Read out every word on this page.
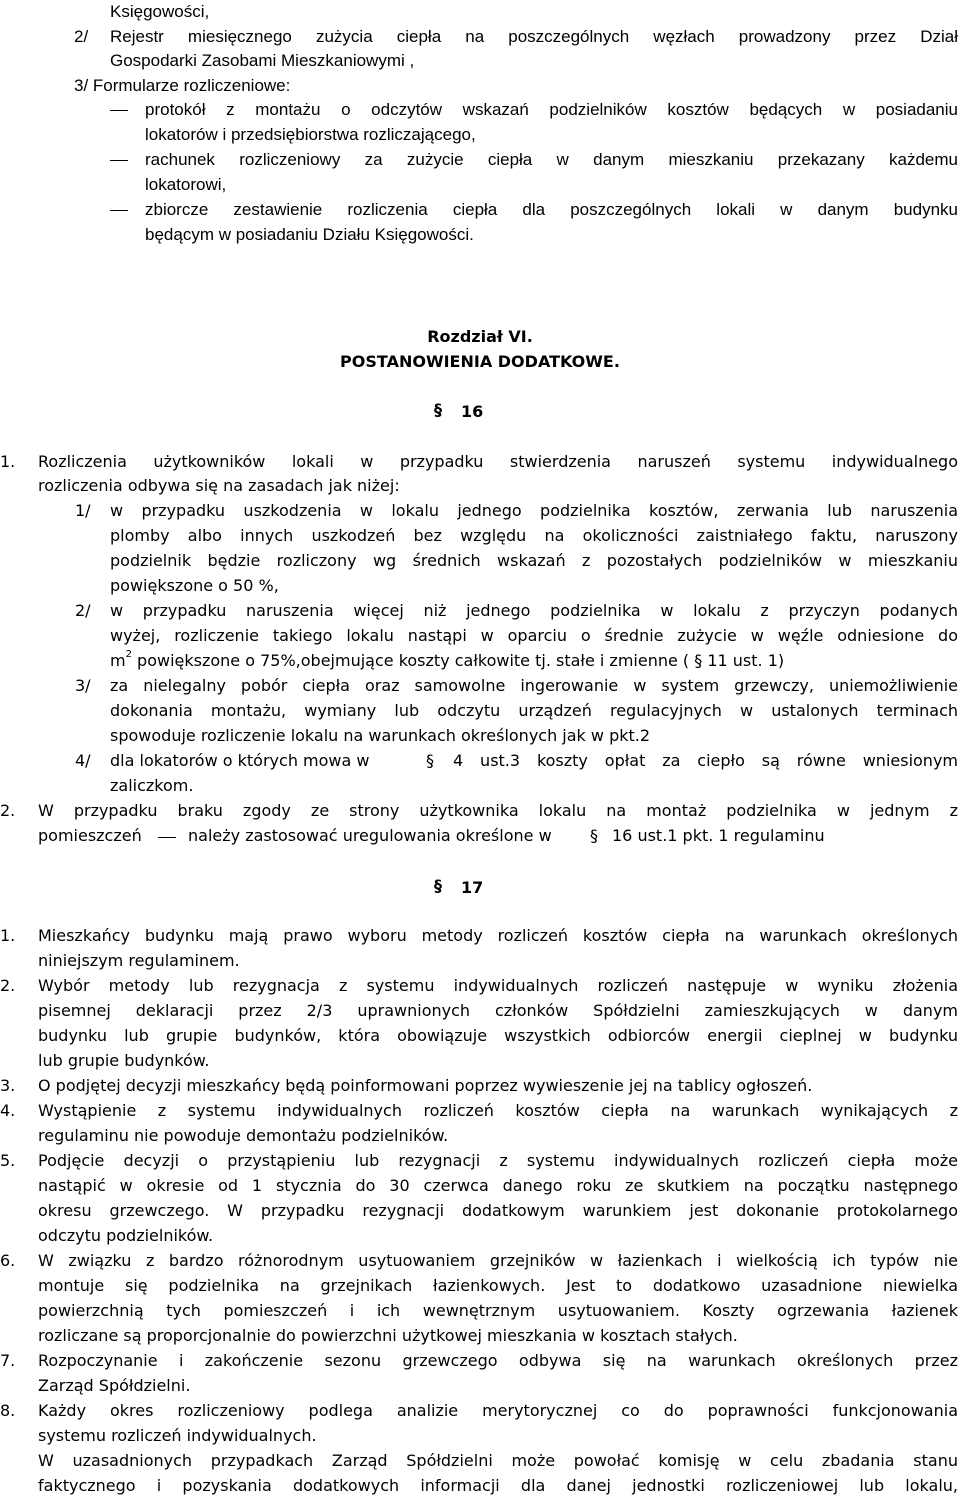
Księgowości,
2/ Rejestr miesięcznego zużycia ciepła na poszczególnych węzłach prowadzony przez Dział
Gospodarki Zasobami Mieszkaniowymi ,
3/ Formularze rozliczeniowe:
protokół z montażu o odczytów wskazań podzielników kosztów będących w posiadaniu
lokatorów i przedsiębiorstwa rozliczającego,
rachunek rozliczeniowy za zużycie ciepła w danym mieszkaniu przekazany każdemu
lokatorowi,
zbiorcze zestawienie rozliczenia ciepła dla poszczególnych lokali w danym budynku
będącym w posiadaniu Działu Księgowości.
Rozdział VI.
POSTANOWIENIA DODATKOWE.
§ 16
1. Rozliczenia użytkowników lokali w przypadku stwierdzenia naruszeń systemu indywidualnego
rozliczenia odbywa się na zasadach jak niżej:
1/ w przypadku uszkodzenia w lokalu jednego podzielnika kosztów, zerwania lub naruszenia
plomby albo innych uszkodzeń bez względu na okoliczności zaistniałego faktu, naruszony
podzielnik będzie rozliczony wg średnich wskazań z pozostałych podzielników w mieszkaniu
powiększone o 50 %,
2/ w przypadku naruszenia więcej niż jednego podzielnika w lokalu z przyczyn podanych
wyżej, rozliczenie takiego lokalu nastąpi w oparciu o średnie zużycie w węźle odniesione do
$m^2$ powiększone o 75%,obejmujące koszty całkowite tj. stałe i zmienne ( § 11 ust. 1)
3/ za nielegalny pobór ciepła oraz samowolne ingerowanie w system grzewczy, uniemożliwienie
dokonania montażu, wymiany lub odczytu urządzeń regulacyjnych w ustalonych terminach
spowoduje rozliczenie lokalu na warunkach określonych jak w pkt.2
4/ dla lokatorów o których mowa w	§ 4 ust.3 koszty opłat za ciepło są równe wniesionym
zaliczkom.
2. W przypadku braku zgody ze strony użytkownika lokalu na montaż podzielnika w jednym z
pomieszczeń	należy zastosować uregulowania określone w § 16 ust.1 pkt. 1 regulaminu
§ 17
1. Mieszkańcy budynku mają prawo wyboru metody rozliczeń kosztów ciepła na warunkach określonych
niniejszym regulaminem.
2. Wybór metody lub rezygnacja z systemu indywidualnych rozliczeń następuje w wyniku złożenia
pisemnej deklaracji przez 2/3 uprawnionych członków Spółdzielni zamieszkujących w danym
budynku lub grupie budynków, która obowiązuje wszystkich odbiorców energii cieplnej w budynku
lub grupie budynków.
3. O podjętej decyzji mieszkańcy będą poinformowani poprzez wywieszenie jej na tablicy ogłoszeń.
4. Wystąpienie z systemu indywidualnych rozliczeń kosztów ciepła na warunkach wynikających z
regulaminu nie powoduje demontażu podzielników.
5. Podjęcie decyzji o przystąpieniu lub rezygnacji z systemu indywidualnych rozliczeń ciepła może
nastąpić w okresie od 1 stycznia do 30 czerwca danego roku ze skutkiem na początku następnego
okresu grzewczego. W przypadku rezygnacji dodatkowym warunkiem jest dokonanie protokolarnego
odczytu podzielników.
6. W związku z bardzo różnorodnym usytuowaniem grzejników w łazienkach i wielkością ich typów nie
montuje się podzielnika na grzejnikach łazienkowych. Jest to dodatkowo uzasadnione niewielka
powierzchnią tych pomieszczeń i ich wewnętrznym usytuowaniem. Koszty ogrzewania łazienek
rozliczane są proporcjonalnie do powierzchni użytkowej mieszkania w kosztach stałych.
7. Rozpoczynanie i zakończenie sezonu grzewczego odbywa się na warunkach określonych przez
Zarząd Spółdzielni.
8. Każdy okres rozliczeniowy podlega analizie merytorycznej co do poprawności funkcjonowania
systemu rozliczeń indywidualnych.
W uzasadnionych przypadkach Zarząd Spółdzielni może powołać komisję w celu zbadania stanu
faktycznego i pozyskania dodatkowych informacji dla danej jednostki rozliczeniowej lub lokalu,
